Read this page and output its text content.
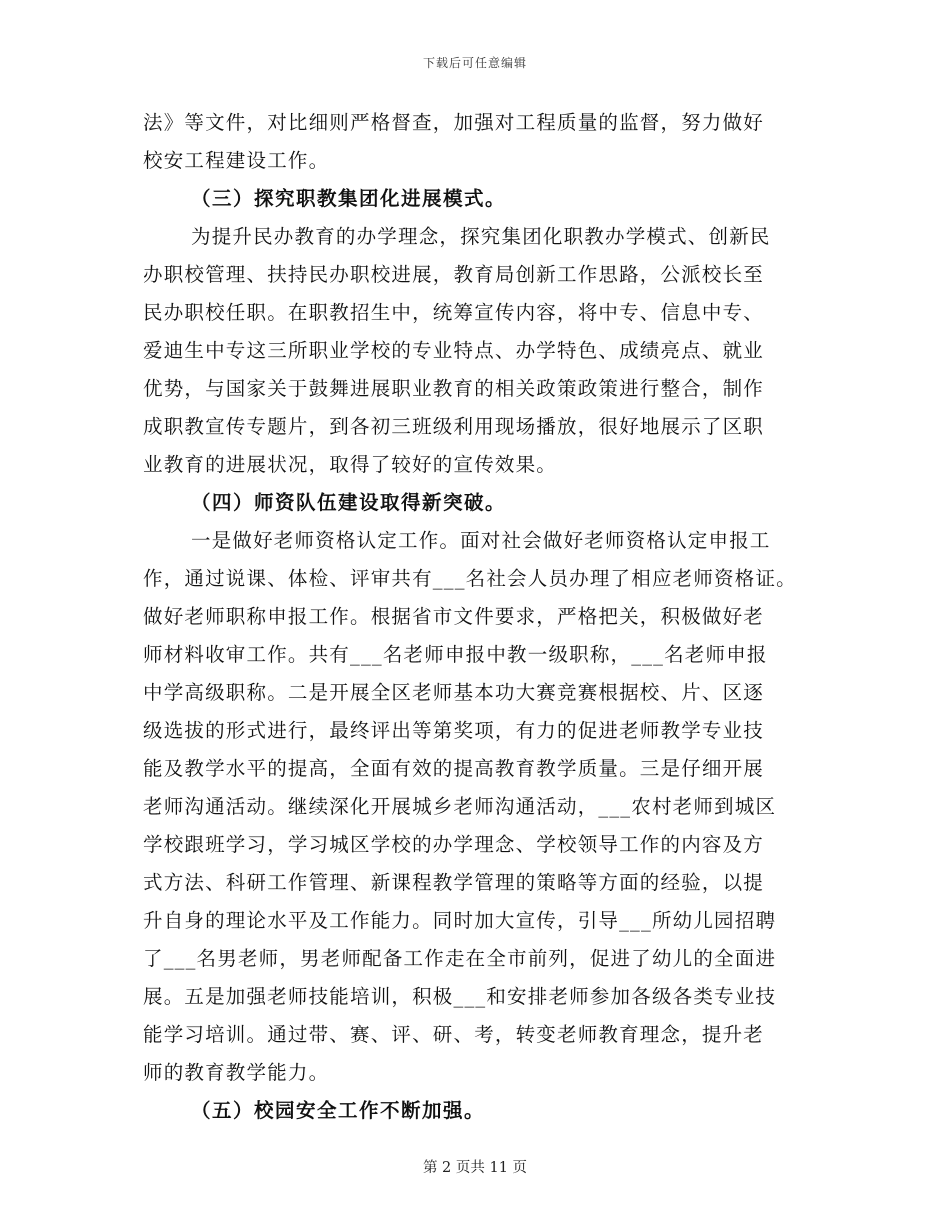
下载后可任意编辑
法》等文件，对比细则严格督查，加强对工程质量的监督，努力做好
校安工程建设工作。
（三）探究职教集团化进展模式。
为提升民办教育的办学理念，探究集团化职教办学模式、创新民
办职校管理、扶持民办职校进展，教育局创新工作思路，公派校长至
民办职校任职。在职教招生中，统筹宣传内容，将中专、信息中专、
爱迪生中专这三所职业学校的专业特点、办学特色、成绩亮点、就业
优势，与国家关于鼓舞进展职业教育的相关政策政策进行整合，制作
成职教宣传专题片，到各初三班级利用现场播放，很好地展示了区职
业教育的进展状况，取得了较好的宣传效果。
（四）师资队伍建设取得新突破。
一是做好老师资格认定工作。面对社会做好老师资格认定申报工
作，通过说课、体检、评审共有___名社会人员办理了相应老师资格证。
做好老师职称申报工作。根据省市文件要求，严格把关，积极做好老
师材料收审工作。共有___名老师申报中教一级职称，___名老师申报
中学高级职称。二是开展全区老师基本功大赛竞赛根据校、片、区逐
级选拔的形式进行，最终评出等第奖项，有力的促进老师教学专业技
能及教学水平的提高，全面有效的提高教育教学质量。三是仔细开展
老师沟通活动。继续深化开展城乡老师沟通活动，___农村老师到城区
学校跟班学习，学习城区学校的办学理念、学校领导工作的内容及方
式方法、科研工作管理、新课程教学管理的策略等方面的经验，以提
升自身的理论水平及工作能力。同时加大宣传，引导___所幼儿园招聘
了___名男老师，男老师配备工作走在全市前列，促进了幼儿的全面进
展。五是加强老师技能培训，积极___和安排老师参加各级各类专业技
能学习培训。通过带、赛、评、研、考，转变老师教育理念，提升老
师的教育教学能力。
（五）校园安全工作不断加强。
第 2 页共 11 页
